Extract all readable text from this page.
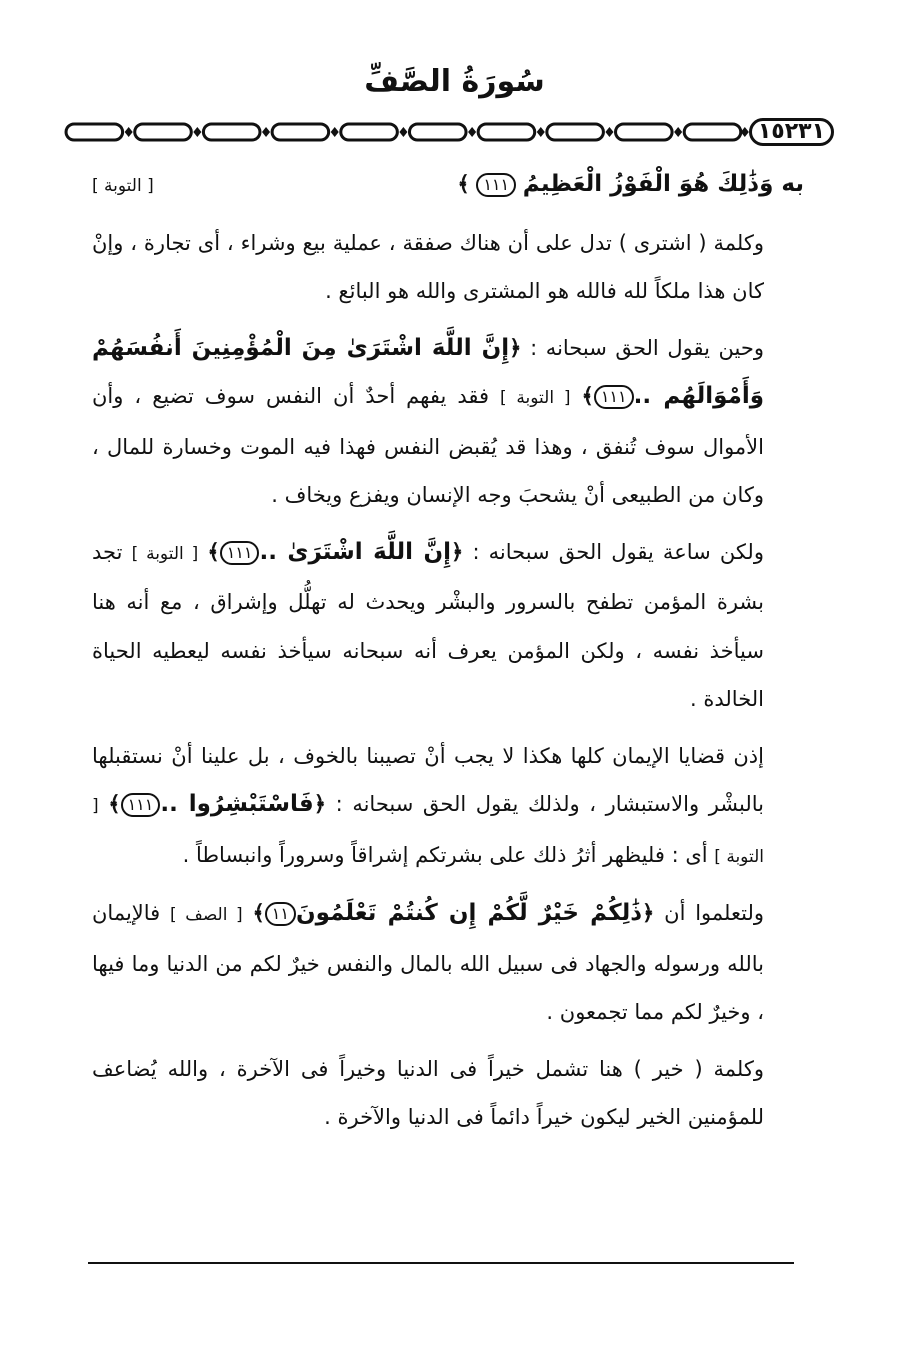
سُورَةُ الصَّفِّ
١٥٢٣١

به وَذَٰلِكَ هُوَ الْفَوْزُ الْعَظِيمُ ١١١ ﴾
[ التوبة ]

وكلمة ( اشترى ) تدل على أن هناك صفقة ، عملية بيع وشراء ، أى تجارة ، وإنْ كان هذا ملكاً لله فالله هو المشترى والله هو البائع .

وحين يقول الحق سبحانه : ﴿إِنَّ اللَّهَ اشْتَرَىٰ مِنَ الْمُؤْمِنِينَ أَنفُسَهُمْ وَأَمْوَالَهُم ..١١١﴾ [ التوبة ] فقد يفهم أحدٌ أن النفس سوف تضيع ، وأن الأموال سوف تُنفق ، وهذا قد يُقبض النفس فهذا فيه الموت وخسارة للمال ، وكان من الطبيعى أنْ يشحبَ وجه الإنسان ويفزع ويخاف .

ولكن ساعة يقول الحق سبحانه : ﴿إِنَّ اللَّهَ اشْتَرَىٰ ..١١١﴾ [ التوبة ] تجد بشرة المؤمن تطفح بالسرور والبشْر ويحدث له تهلُّل وإشراق ، مع أنه هنا سيأخذ نفسه ، ولكن المؤمن يعرف أنه سبحانه سيأخذ نفسه ليعطيه الحياة الخالدة .

إذن قضايا الإيمان كلها هكذا لا يجب أنْ تصيبنا بالخوف ، بل علينا أنْ نستقبلها بالبشْر والاستبشار ، ولذلك يقول الحق سبحانه : ﴿فَاسْتَبْشِرُوا ..١١١﴾ [ التوبة ] أى : فليظهر أثرُ ذلك على بشرتكم إشراقاً وسروراً وانبساطاً .

ولتعلموا أن ﴿ذَٰلِكُمْ خَيْرٌ لَّكُمْ إِن كُنتُمْ تَعْلَمُونَ١١﴾ [ الصف ] فالإيمان بالله ورسوله والجهاد فى سبيل الله بالمال والنفس خيرٌ لكم من الدنيا وما فيها ، وخيرٌ لكم مما تجمعون .

وكلمة ( خير ) هنا تشمل خيراً فى الدنيا وخيراً فى الآخرة ، والله يُضاعف للمؤمنين الخير ليكون خيراً دائماً فى الدنيا والآخرة .
